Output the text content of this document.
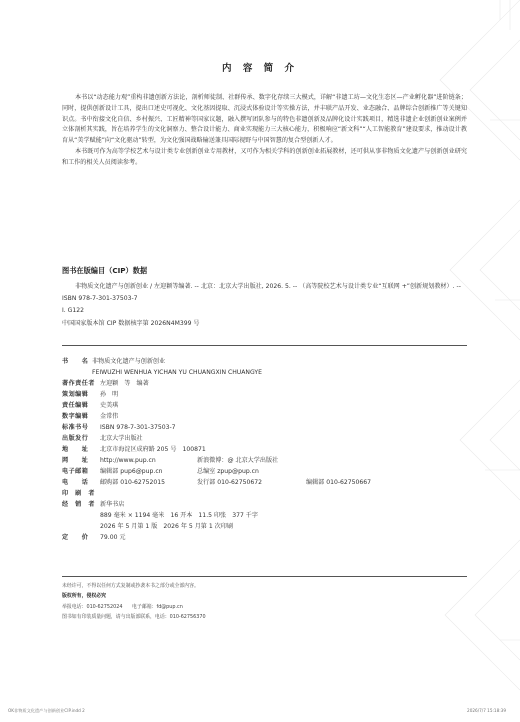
内 容 简 介

本书以“动态能力观”重构非遗创新方法论，剖析师徒制、社群传承、数字化存续三大模式，详解“非遗工坊—文化生态区—产业孵化器”进阶链条；同时，提供创新设计工具，提出口述史可视化、文化基因提取、沉浸式体验设计等实操方法，并丰联产品开发、业态融合、品牌综合创新推广等关键知识点。书中衔接文化自信、乡村振兴、工匠精神等国家议题，融入撰写团队参与的特色非遗创新及品牌化设计实践项目，精选非遗企业创新创业案例并立体剖析其实践，旨在培养学生的文化洞察力、整合设计能力、商业实现能力三大核心能力，积极响应“新文科”“人工智能教育”建设要求，推动设计教育从“美学赋能”向“文化驱动”转型，为文化强国战略输送兼具国际视野与中国智慧的复合型创新人才。

本书既可作为高等学校艺术与设计类专业创新创业专用教材，又可作为相关学科的创新创业拓展教材，还可供从事非物质文化遗产与创新创业研究和工作的相关人员阅读参考。

图书在版编目（CIP）数据
非物质文化遗产与创新创业 / 左迎颖等编著. -- 北京：北京大学出版社, 2026. 5. -- （高等院校艺术与设计类专业“互联网 +”创新规划教材）. -- ISBN 978-7-301-37503-7
Ⅰ. G122
中国国家版本馆 CIP 数据核字第 2026N4M399 号
书　　名 非物质文化遗产与创新创业
FEIWUZHI WENHUA YICHAN YU CHUANGXIN CHUANGYE
著作责任者 左迎颖　等　编著
策划编辑 孙　明
责任编辑 史美琪
数字编辑 金常伟
标准书号 ISBN 978-7-301-37503-7
出版发行 北京大学出版社
地　　址 北京市海淀区成府路 205 号　100871
网　　址 http://www.pup.cn	新浪微博：@ 北京大学出版社
电子邮箱 编辑部 pup6@pup.cn	总编室 zpup@pup.cn
电　　话 邮购部 010-62752015	发行部 010-62750672	编辑部 010-62750667
印　刷　者
经　销　者 新华书店
889 毫米 × 1194 毫米　16 开本　11.5 印张　377 千字
2026 年 5 月第 1 版　2026 年 5 月第 1 次印刷
定　　价 79.00 元
未经许可，不得以任何方式复制或抄袭本书之部分或全部内容。
版权所有，侵权必究
举报电话：010-62752024 电子邮箱：fd@pup.cn
图书如有印装质量问题，请与出版部联系，电话：010-62756370
OK非物质文化遗产与创新创业CIP.indd 2	2026/7/7 15:18:39
